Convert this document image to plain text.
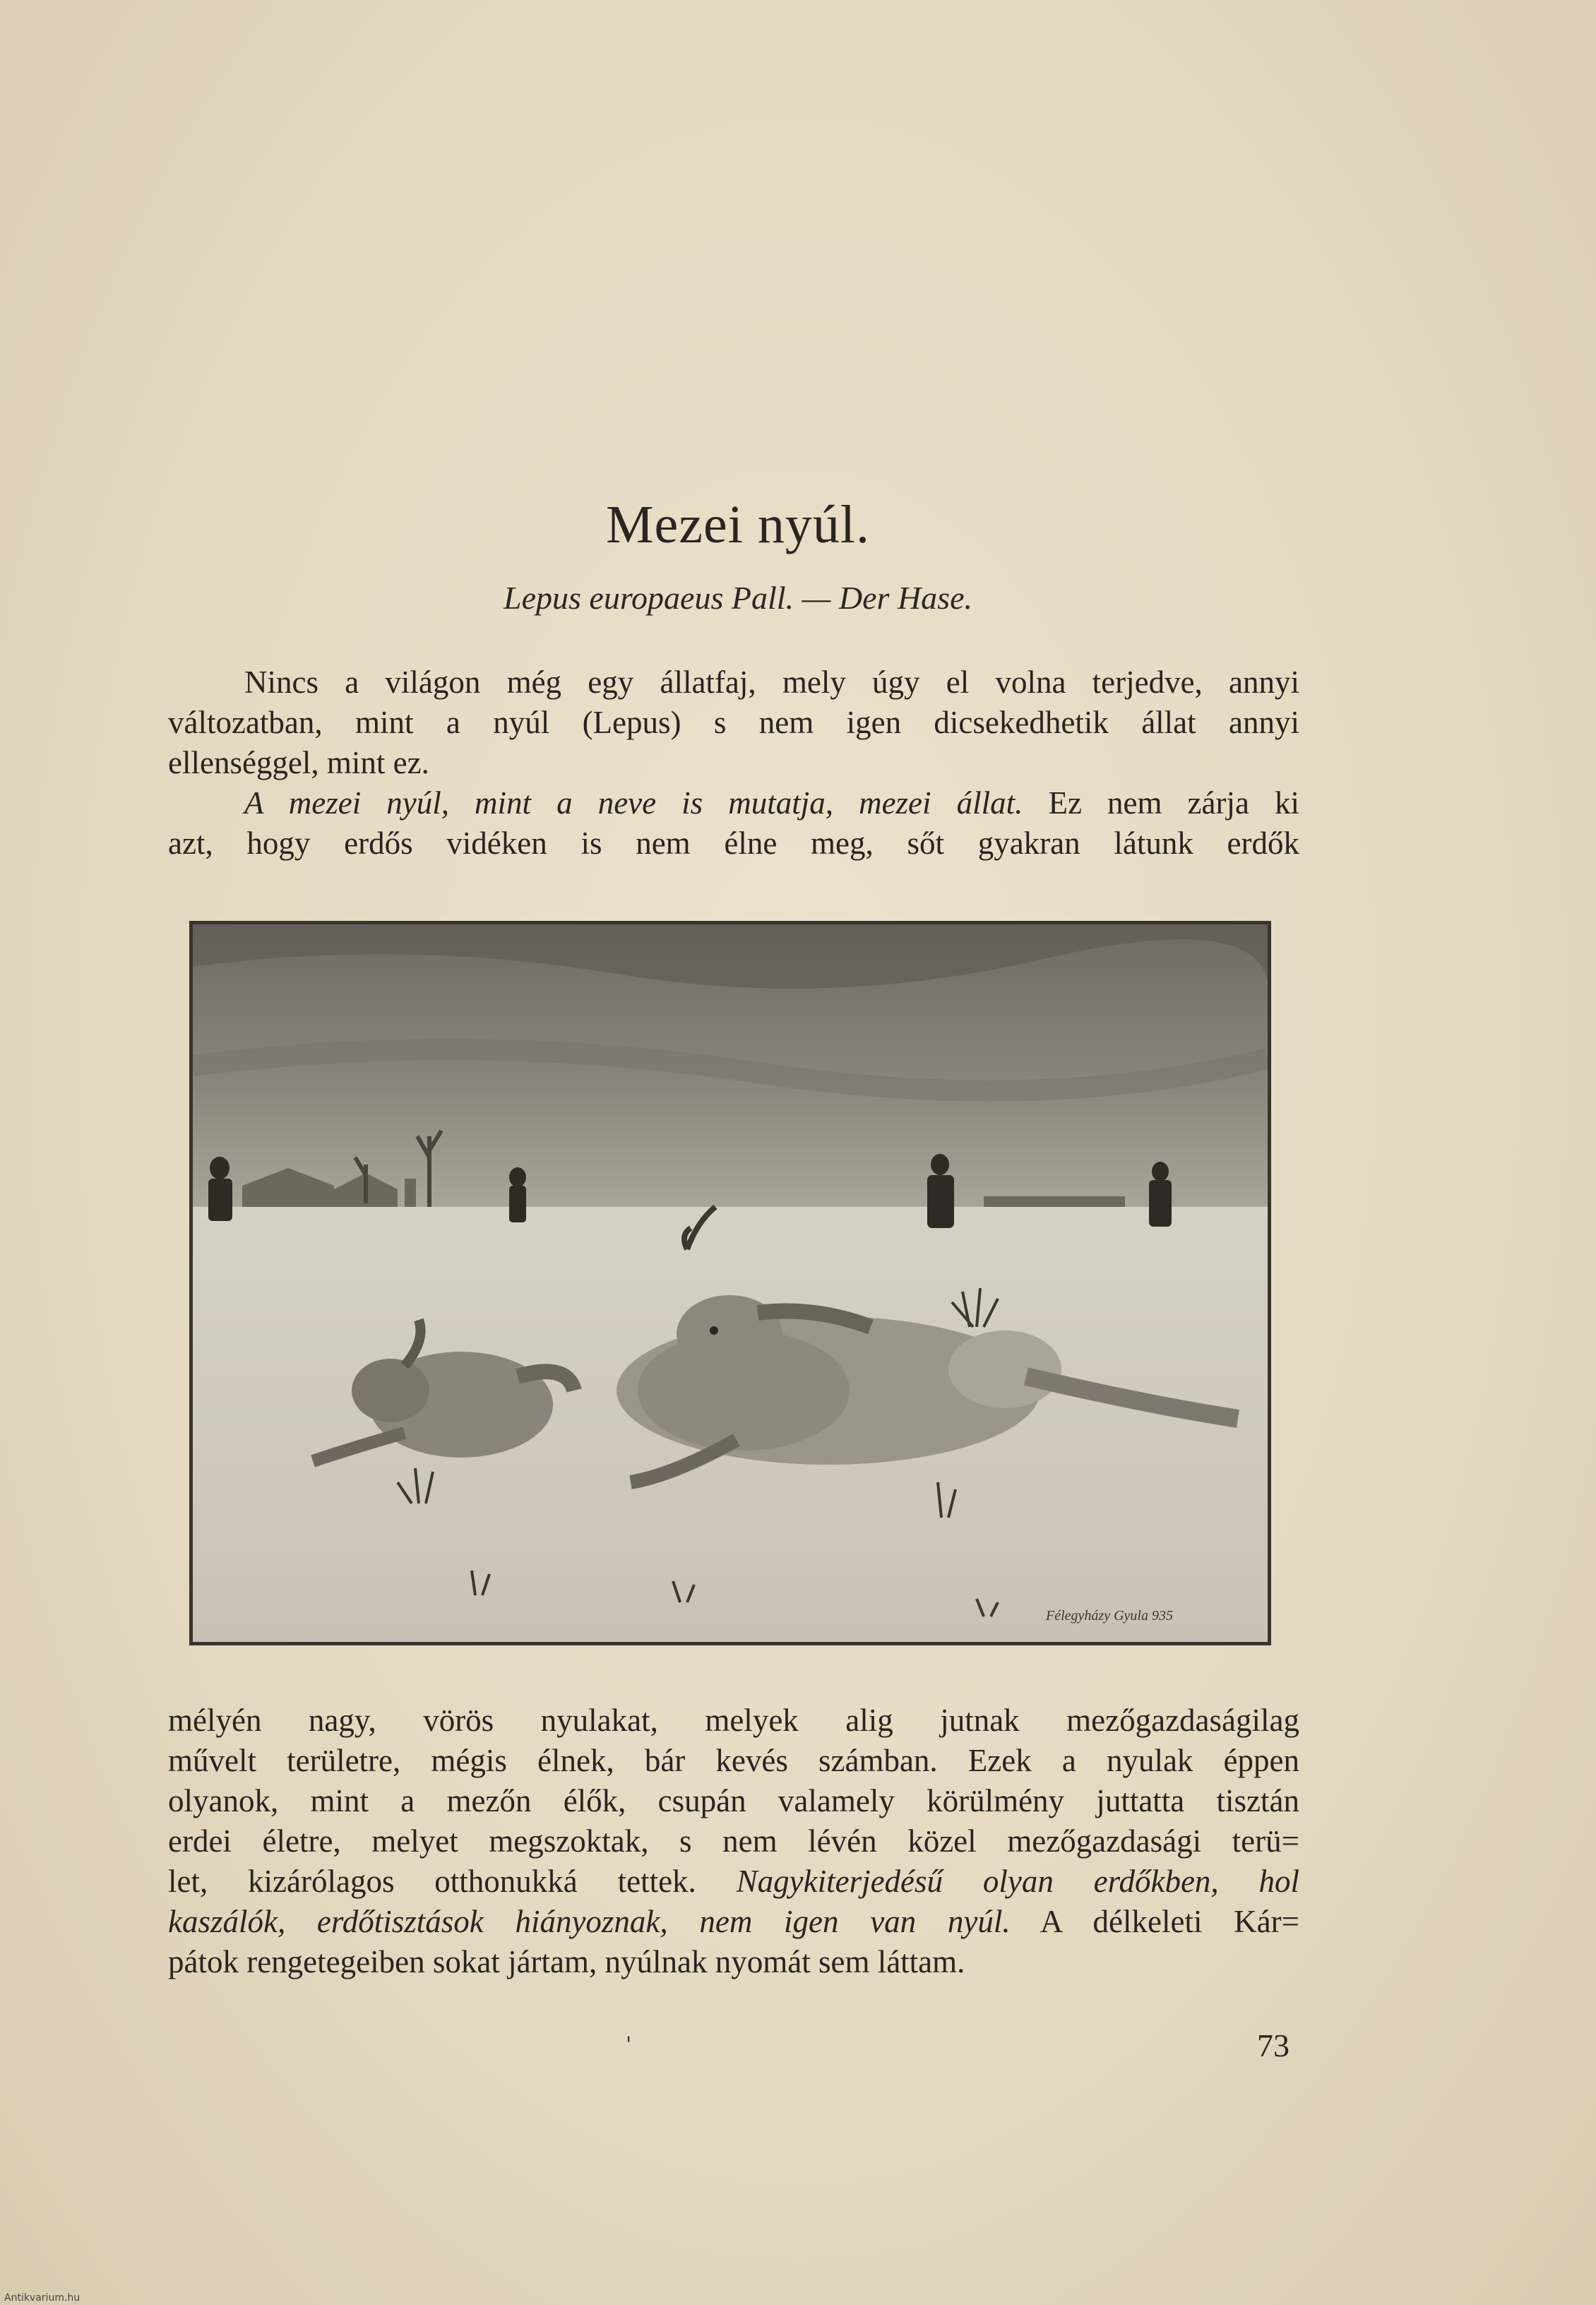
Mezei nyúl.
Lepus europaeus Pall. — Der Hase.
Nincs a világon még egy állatfaj, mely úgy el volna terjedve, annyi
változatban, mint a nyúl (Lepus) s nem igen dicsekedhetik állat annyi
ellenséggel, mint ez.
A mezei nyúl, mint a neve is mutatja, mezei állat. Ez nem zárja ki
azt, hogy erdős vidéken is nem élne meg, sőt gyakran látunk erdők
Félegyházy Gyula 935
mélyén nagy, vörös nyulakat, melyek alig jutnak mezőgazdaságilag
művelt területre, mégis élnek, bár kevés számban. Ezek a nyulak éppen
olyanok, mint a mezőn élők, csupán valamely körülmény juttatta tisztán
erdei életre, melyet megszoktak, s nem lévén közel mezőgazdasági terü=
let, kizárólagos otthonukká tettek. Nagykiterjedésű olyan erdőkben, hol
kaszálók, erdőtisztások hiányoznak, nem igen van nyúl. A délkeleti Kár=
pátok rengetegeiben sokat jártam, nyúlnak nyomát sem láttam.
'	73
Antikvarium.hu
